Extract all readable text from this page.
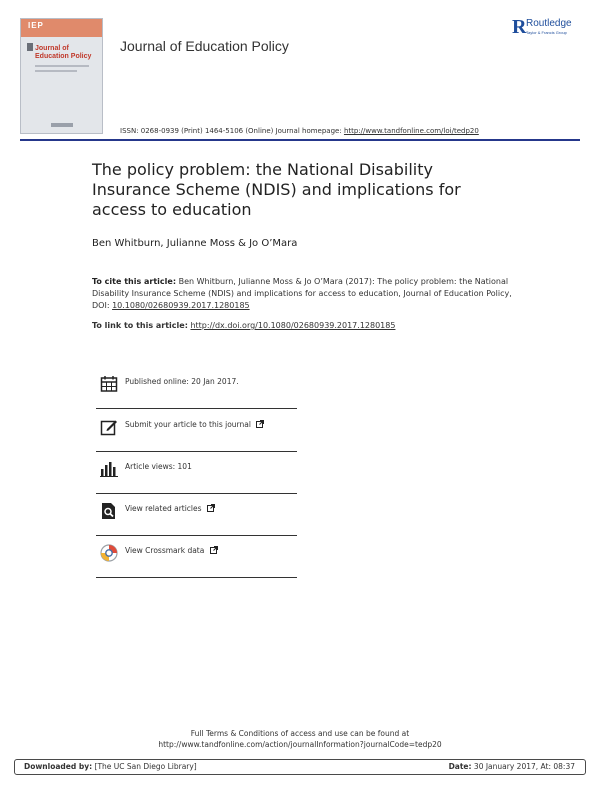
IEP
Journal of Education Policy
Journal of Education Policy
R Routledge
Taylor & Francis Group
ISSN: 0268-0939 (Print) 1464-5106 (Online) Journal homepage: http://www.tandfonline.com/loi/tedp20
The policy problem: the National Disability
Insurance Scheme (NDIS) and implications for
access to education
Ben Whitburn, Julianne Moss & Jo O’Mara
To cite this article: Ben Whitburn, Julianne Moss & Jo O’Mara (2017): The policy problem: the National Disability Insurance Scheme (NDIS) and implications for access to education, Journal of Education Policy, DOI: 10.1080/02680939.2017.1280185
To link to this article: http://dx.doi.org/10.1080/02680939.2017.1280185
Published online: 20 Jan 2017.
Submit your article to this journal
Article views: 101
View related articles
View Crossmark data
Full Terms & Conditions of access and use can be found at
http://www.tandfonline.com/action/journalInformation?journalCode=tedp20
Downloaded by: [The UC San Diego Library]	Date: 30 January 2017, At: 08:37
